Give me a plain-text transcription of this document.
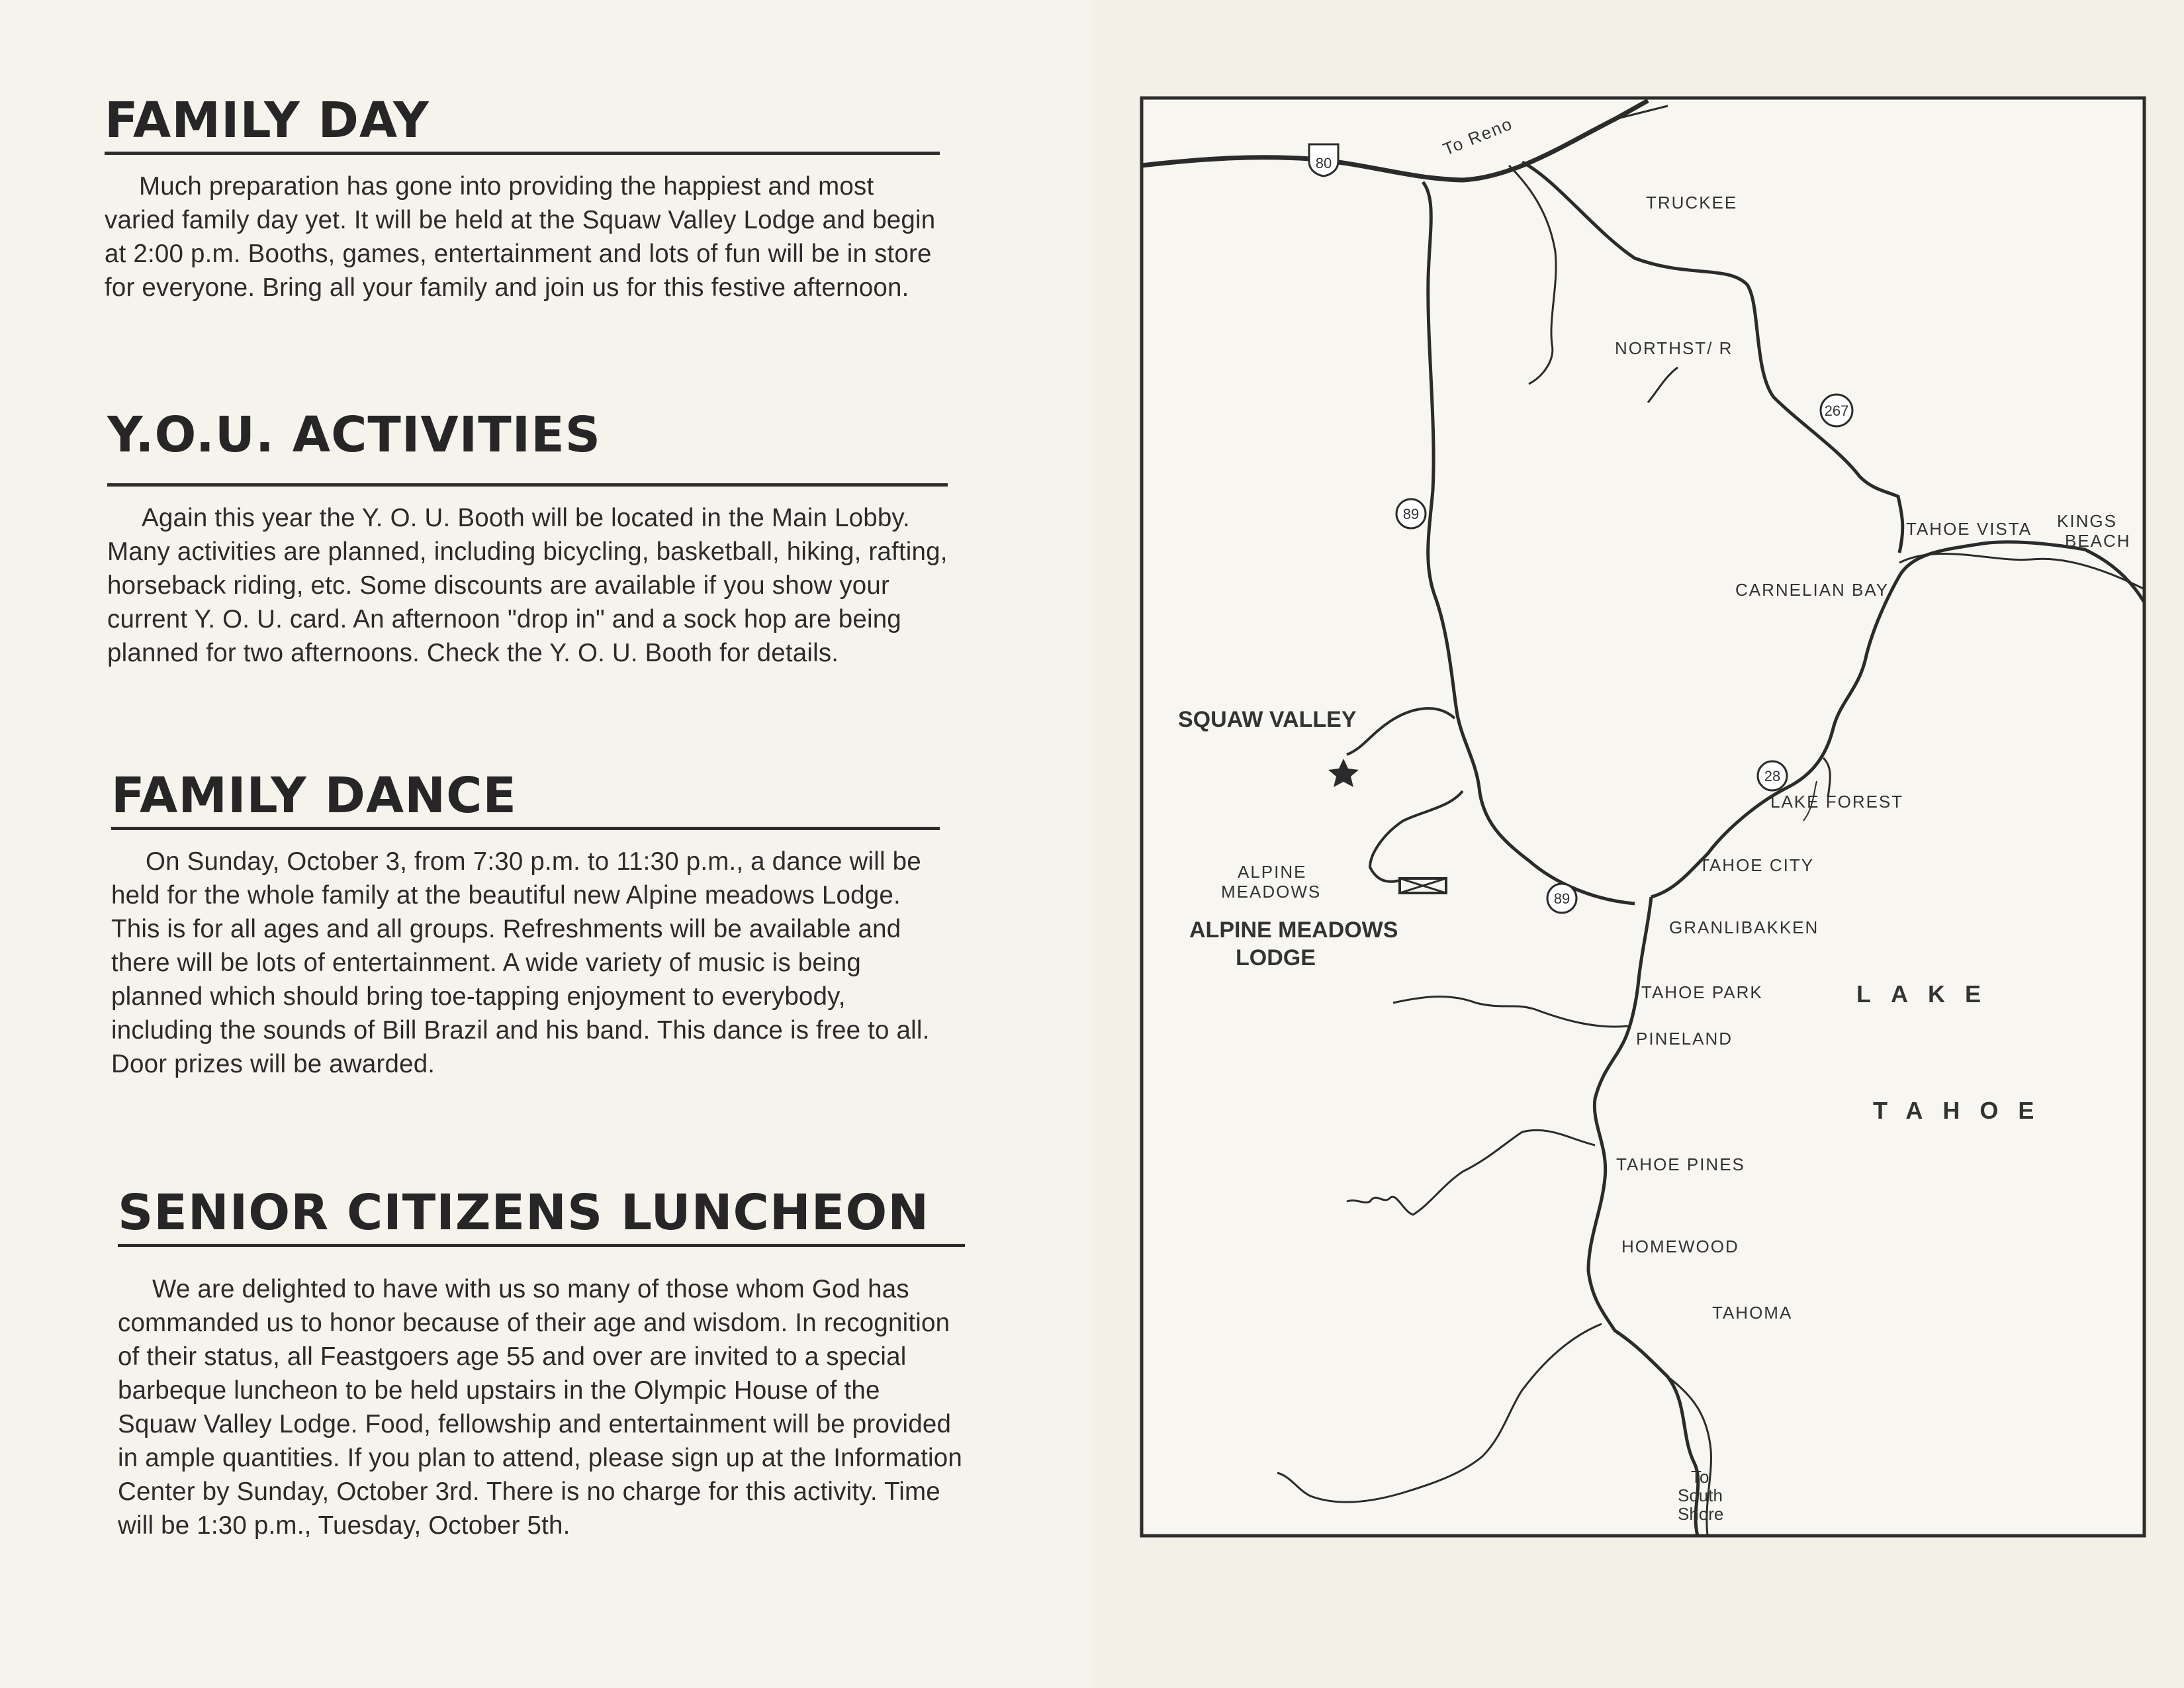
FAMILY DAY
Much preparation has gone into providing the happiest and most varied family day yet. It will be held at the Squaw Valley Lodge and begin at 2:00 p.m. Booths, games, entertainment and lots of fun will be in store for everyone. Bring all your family and join us for this festive afternoon.
Y.O.U. ACTIVITIES
Again this year the Y. O. U. Booth will be located in the Main Lobby. Many activities are planned, including bicycling, basketball, hiking, rafting, horseback riding, etc. Some discounts are available if you show your current Y. O. U. card. An afternoon "drop in" and a sock hop are being planned for two afternoons. Check the Y. O. U. Booth for details.
FAMILY DANCE
On Sunday, October 3, from 7:30 p.m. to 11:30 p.m., a dance will be held for the whole family at the beautiful new Alpine meadows Lodge. This is for all ages and all groups. Refreshments will be available and there will be lots of entertainment. A wide variety of music is being planned which should bring toe-tapping enjoyment to everybody, including the sounds of Bill Brazil and his band. This dance is free to all. Door prizes will be awarded.
SENIOR CITIZENS LUNCHEON
We are delighted to have with us so many of those whom God has commanded us to honor because of their age and wisdom. In recognition of their status, all Feastgoers age 55 and over are invited to a special barbeque luncheon to be held upstairs in the Olympic House of the Squaw Valley Lodge. Food, fellowship and entertainment will be provided in ample quantities. If you plan to attend, please sign up at the Information Center by Sunday, October 3rd. There is no charge for this activity. Time will be 1:30 p.m., Tuesday, October 5th.
80
267
89
28
89
To Reno
TRUCKEE
NORTHST/ R
TAHOE VISTA KINGS
BEACH
CARNELIAN BAY
SQUAW VALLEY
LAKE FOREST
ALPINE
MEADOWS
ALPINE MEADOWS
LODGE
TAHOE CITY
GRANLIBAKKEN
TAHOE PARK
PINELAND
LAKE
TAHOE
TAHOE PINES
HOMEWOOD
TAHOMA
To
South
Shore
